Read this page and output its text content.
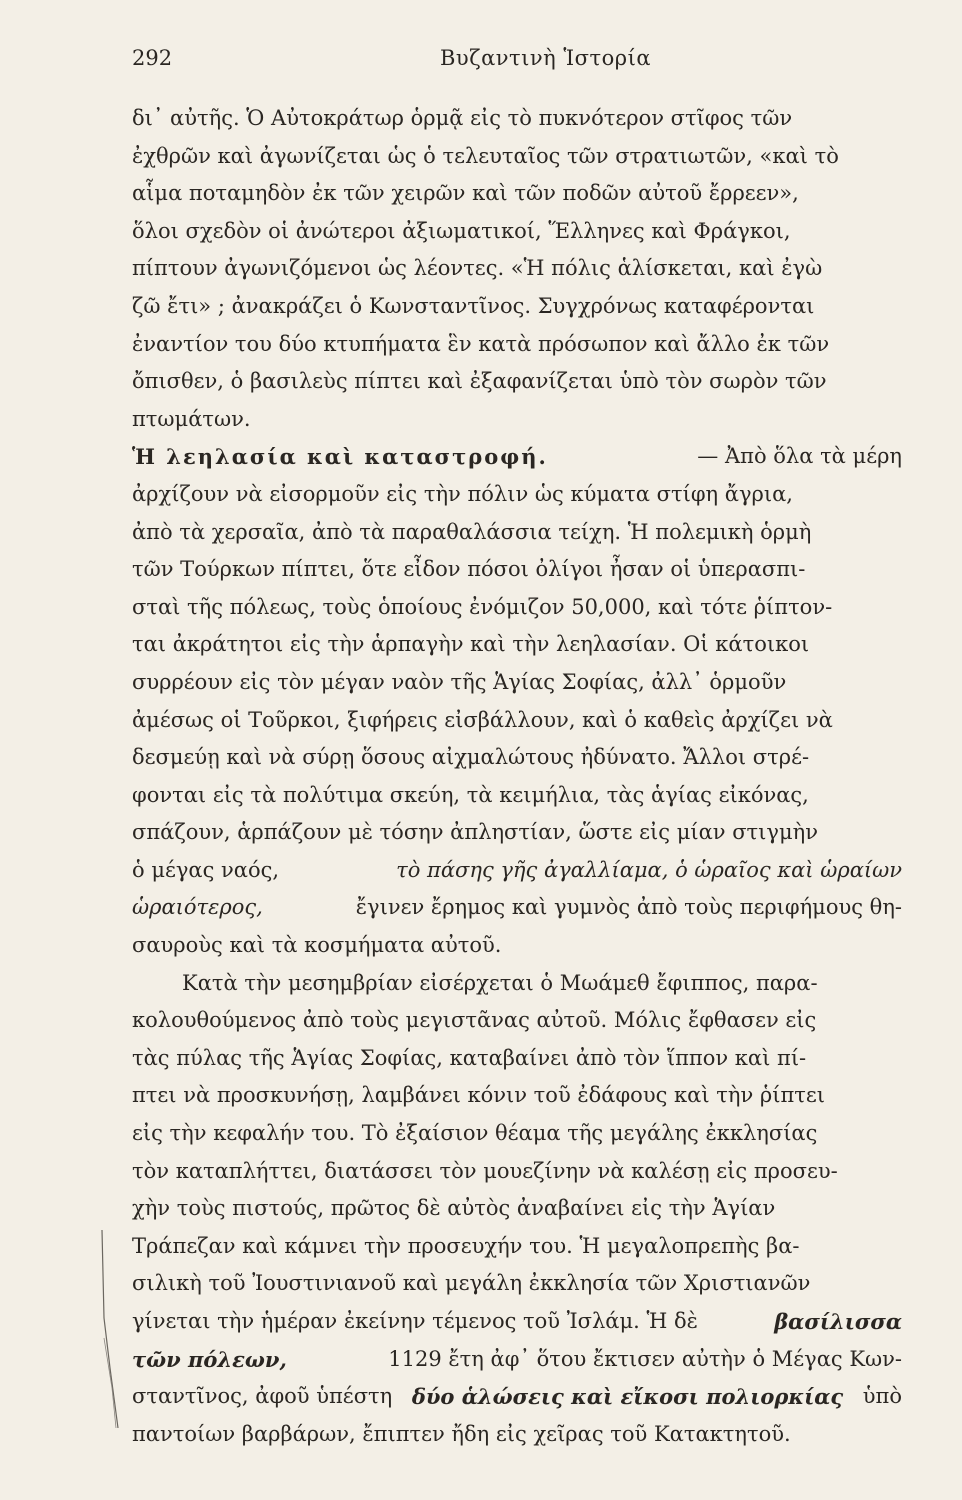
292	Βυζαντινὴ Ἱστορία
δι᾿ αὐτῆς. Ὁ Αὐτοκράτωρ ὁρμᾷ εἰς τὸ πυκνότερον στῖφος τῶν
ἐχθρῶν καὶ ἀγωνίζεται ὡς ὁ τελευταῖος τῶν στρατιωτῶν, «καὶ τὸ
αἷμα ποταμηδὸν ἐκ τῶν χειρῶν καὶ τῶν ποδῶν αὐτοῦ ἔρρεεν»,
ὅλοι σχεδὸν οἱ ἀνώτεροι ἀξιωματικοί, Ἕλληνες καὶ Φράγκοι,
πίπτουν ἀγωνιζόμενοι ὡς λέοντες. «Ἡ πόλις ἁλίσκεται, καὶ ἐγὼ
ζῶ ἔτι» ; ἀνακράζει ὁ Κωνσταντῖνος. Συγχρόνως καταφέρονται
ἐναντίον του δύο κτυπήματα ἓν κατὰ πρόσωπον καὶ ἄλλο ἐκ τῶν
ὄπισθεν, ὁ βασιλεὺς πίπτει καὶ ἐξαφανίζεται ὑπὸ τὸν σωρὸν τῶν
πτωμάτων.
Ἡ λεηλασία καὶ καταστροφή.	— Ἀπὸ ὅλα τὰ μέρη
ἀρχίζουν νὰ εἰσορμοῦν εἰς τὴν πόλιν ὡς κύματα στίφη ἄγρια,
ἀπὸ τὰ χερσαῖα, ἀπὸ τὰ παραθαλάσσια τείχη. Ἡ πολεμικὴ ὁρμὴ
τῶν Τούρκων πίπτει, ὅτε εἶδον πόσοι ὀλίγοι ἦσαν οἱ ὑπερασπι-
σταὶ τῆς πόλεως, τοὺς ὁποίους ἐνόμιζον 50,000, καὶ τότε ῥίπτον-
ται ἀκράτητοι εἰς τὴν ἁρπαγὴν καὶ τὴν λεηλασίαν. Οἱ κάτοικοι
συρρέουν εἰς τὸν μέγαν ναὸν τῆς Ἁγίας Σοφίας, ἀλλ᾿ ὁρμοῦν
ἀμέσως οἱ Τοῦρκοι, ξιφήρεις εἰσβάλλουν, καὶ ὁ καθεὶς ἀρχίζει νὰ
δεσμεύῃ καὶ νὰ σύρῃ ὅσους αἰχμαλώτους ἠδύνατο. Ἄλλοι στρέ-
φονται εἰς τὰ πολύτιμα σκεύη, τὰ κειμήλια, τὰς ἁγίας εἰκόνας,
σπάζουν, ἁρπάζουν μὲ τόσην ἀπληστίαν, ὥστε εἰς μίαν στιγμὴν
ὁ μέγας ναός,	τὸ πάσης γῆς ἀγαλλίαμα, ὁ ὡραῖος καὶ ὡραίων
ὡραιότερος,	ἔγινεν ἔρημος καὶ γυμνὸς ἀπὸ τοὺς περιφήμους θη-
σαυροὺς καὶ τὰ κοσμήματα αὐτοῦ.
Κατὰ τὴν μεσημβρίαν εἰσέρχεται ὁ Μωάμεθ ἔφιππος, παρα-
κολουθούμενος ἀπὸ τοὺς μεγιστᾶνας αὐτοῦ. Μόλις ἔφθασεν εἰς
τὰς πύλας τῆς Ἁγίας Σοφίας, καταβαίνει ἀπὸ τὸν ἵππον καὶ πί-
πτει νὰ προσκυνήσῃ, λαμβάνει κόνιν τοῦ ἐδάφους καὶ τὴν ῥίπτει
εἰς τὴν κεφαλήν του. Τὸ ἐξαίσιον θέαμα τῆς μεγάλης ἐκκλησίας
τὸν καταπλήττει, διατάσσει τὸν μουεζίνην νὰ καλέσῃ εἰς προσευ-
χὴν τοὺς πιστούς, πρῶτος δὲ αὐτὸς ἀναβαίνει εἰς τὴν Ἁγίαν
Τράπεζαν καὶ κάμνει τὴν προσευχήν του. Ἡ μεγαλοπρεπὴς βα-
σιλικὴ τοῦ Ἰουστινιανοῦ καὶ μεγάλη ἐκκλησία τῶν Χριστιανῶν
γίνεται τὴν ἡμέραν ἐκείνην τέμενος τοῦ Ἰσλάμ. Ἡ δὲ	βασίλισσα
τῶν πόλεων,	1129 ἔτη ἀφ᾿ ὅτου ἔκτισεν αὐτὴν ὁ Μέγας Κων-
σταντῖνος, ἀφοῦ ὑπέστη δύο ἁλώσεις καὶ εἴκοσι πολιορκίας ὑπὸ
παντοίων βαρβάρων, ἔπιπτεν ἤδη εἰς χεῖρας τοῦ Κατακτητοῦ.
